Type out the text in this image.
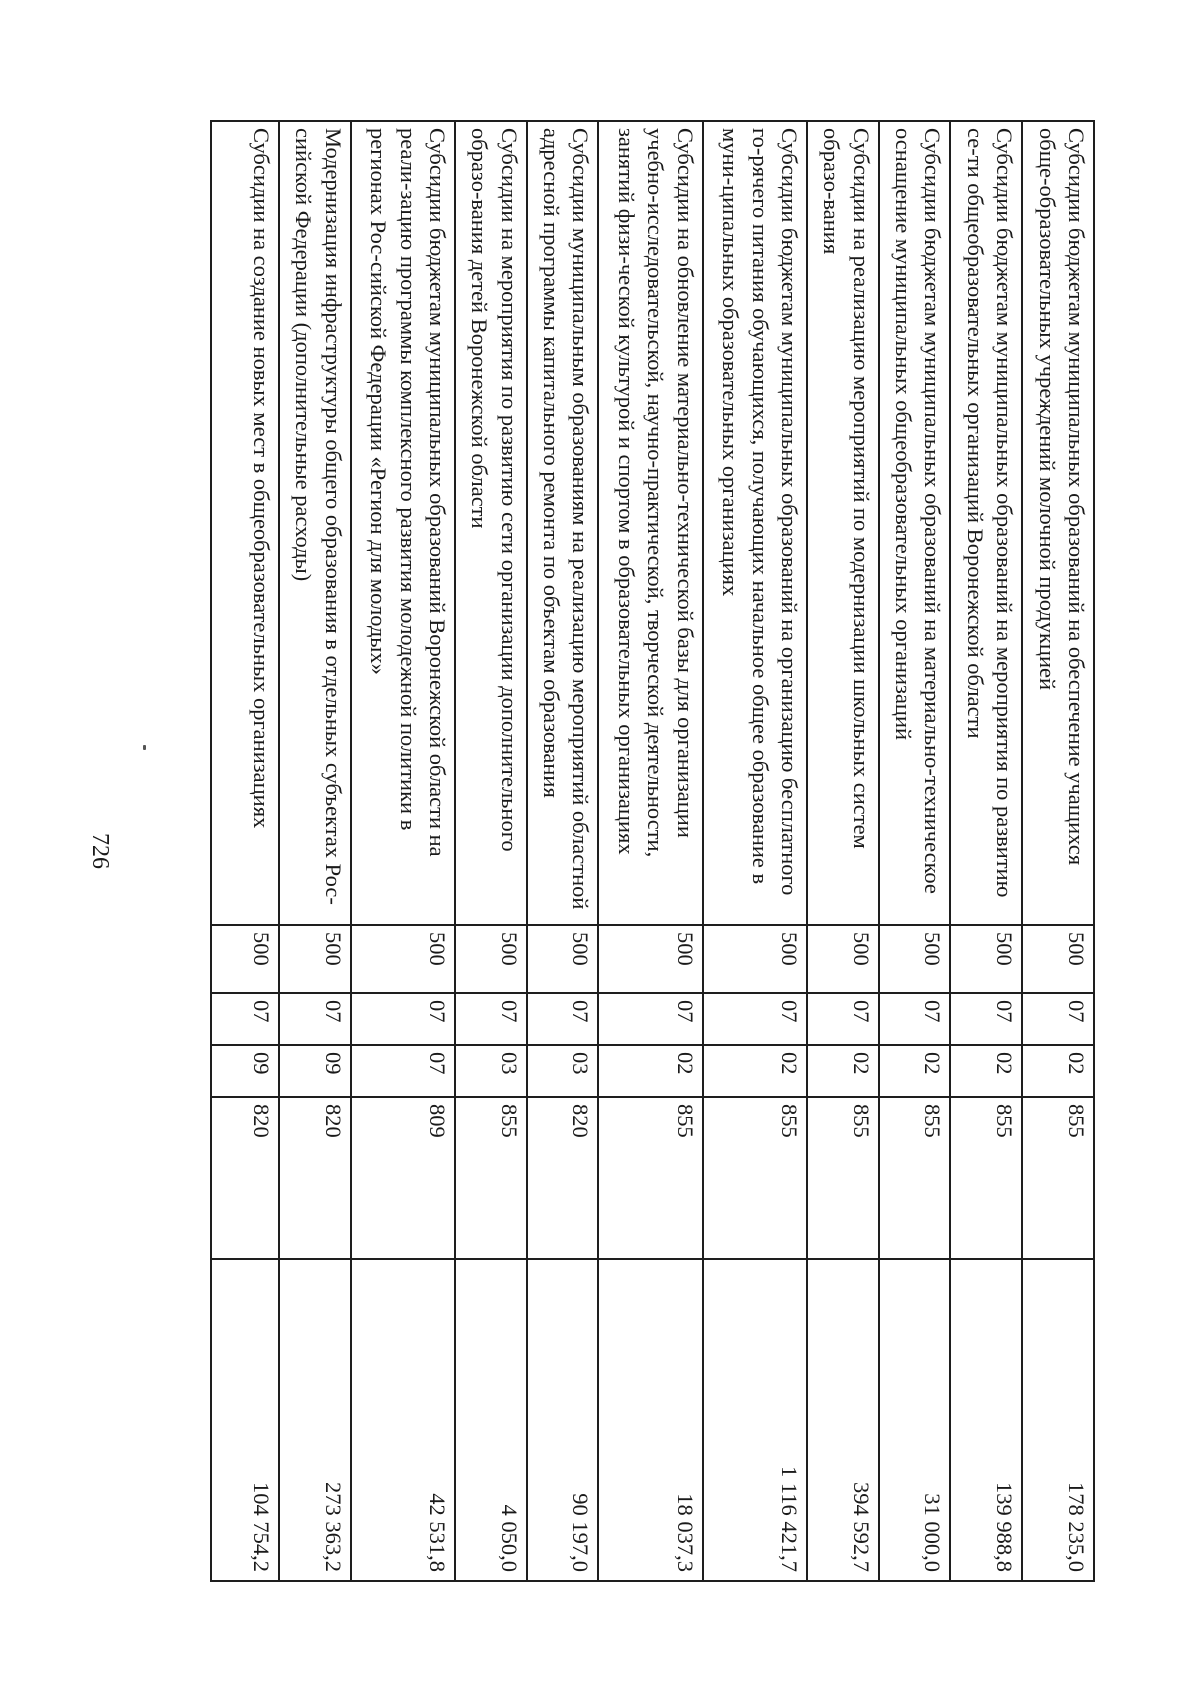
726	Субсидии бюджетам муниципальных образований на обеспечение учащихся обще-образовательных учреждений молочной продукцией	500	07	02	855	178 235,0
Субсидии бюджетам муниципальных образований на мероприятия по развитию се-ти общеобразовательных организаций Воронежской области	500	07	02	855	139 988,8
Субсидии бюджетам муниципальных образований на материально-техническое оснащение муниципальных общеобразовательных организаций	500	07	02	855	31 000,0
Субсидии на реализацию мероприятий по модернизации школьных систем образо-вания	500	07	02	855	394 592,7
Субсидии бюджетам муниципальных образований на организацию бесплатного го-рячего питания обучающихся, получающих начальное общее образование в муни-ципальных образовательных организациях	500	07	02	855	1 116 421,7
Субсидии на обновление материально-технической базы для организации учебно-исследовательской, научно-практической, творческой деятельности, занятий физи-ческой культурой и спортом в образовательных организациях	500	07	02	855	18 037,3
Субсидии муниципальным образованиям на реализацию мероприятий областной адресной программы капитального ремонта по объектам образования	500	07	03	820	90 197,0
Субсидии на мероприятия по развитию сети организации дополнительного образо-вания детей Воронежской области	500	07	03	855	4 050,0
Субсидии бюджетам муниципальных образований Воронежской области на реали-зацию программы комплексного развития молодежной политики в регионах Рос-сийской Федерации «Регион для молодых»	500	07	07	809	42 531,8
Модернизация инфраструктуры общего образования в отдельных субъектах Рос-сийской Федерации (дополнительные расходы)	500	07	09	820	273 363,2
Субсидии на создание новых мест в общеобразовательных организациях	500	07	09	820	104 754,2
